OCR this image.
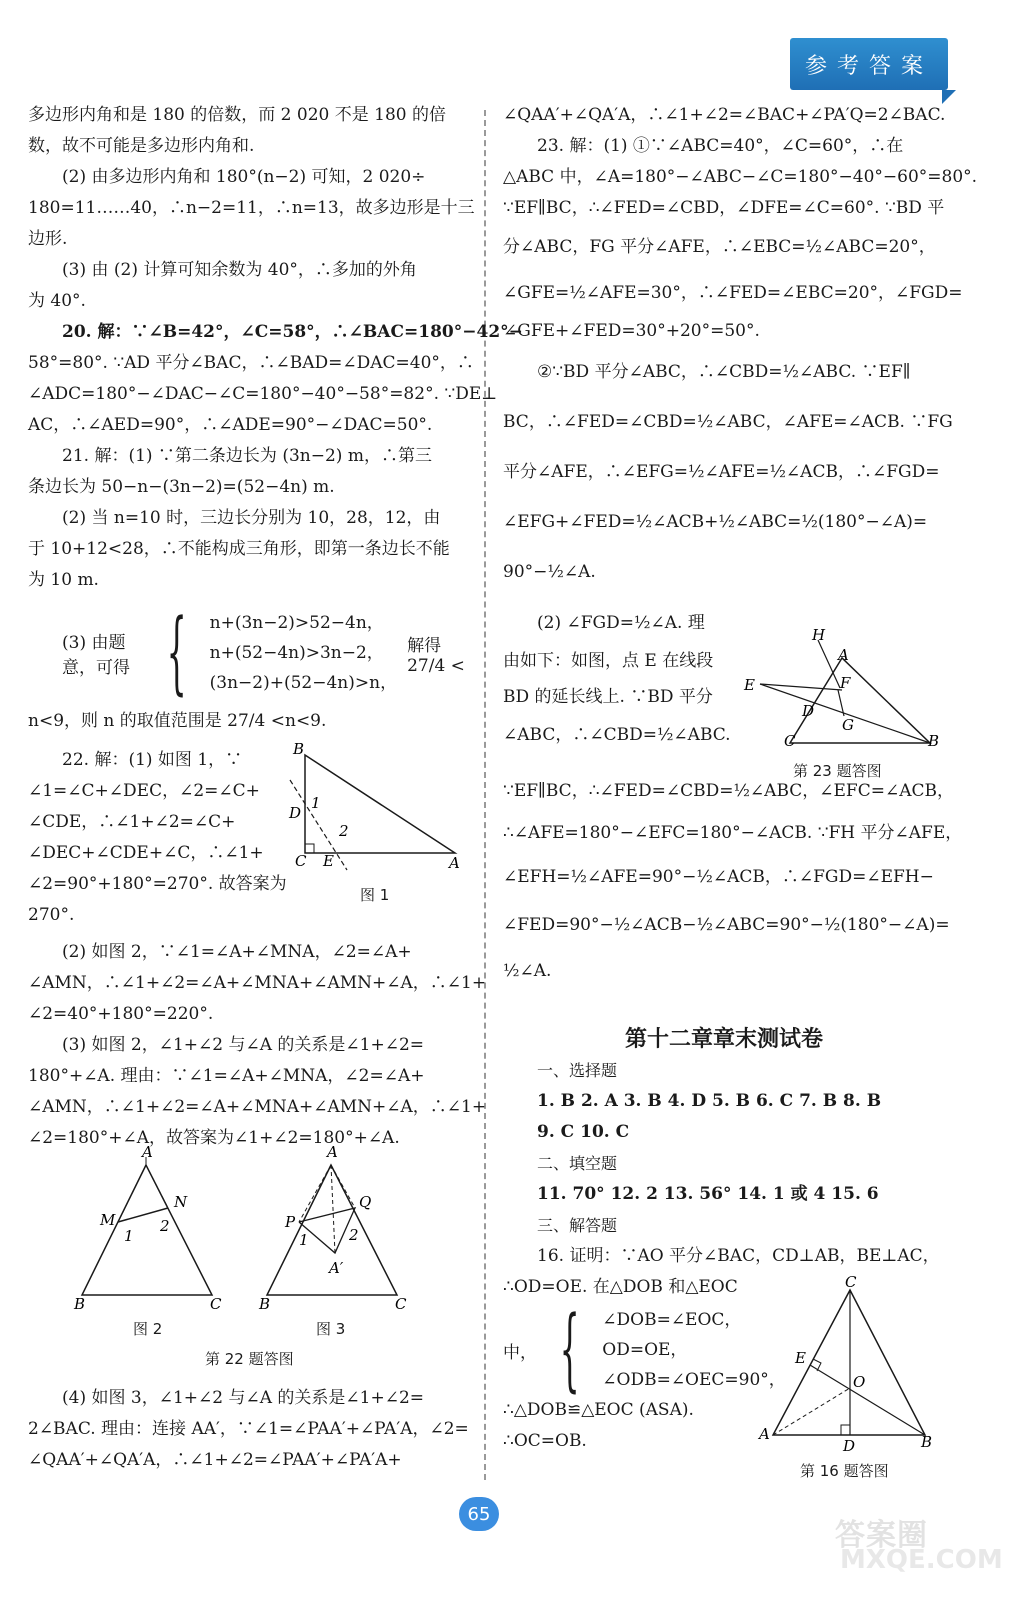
参考答案

多边形内角和是 180 的倍数，而 2 020 不是 180 的倍

数，故不可能是多边形内角和.

(2) 由多边形内角和 180°(n−2) 可知，2 020÷

180=11……40，∴n−2=11，∴n=13，故多边形是十三

边形.

(3) 由 (2) 计算可知余数为 40°，∴多加的外角

为 40°.

20. 解：∵∠B=42°，∠C=58°，∴∠BAC=180°−42°−

58°=80°. ∵AD 平分∠BAC，∴∠BAD=∠DAC=40°，∴

∠ADC=180°−∠DAC−∠C=180°−40°−58°=82°. ∵DE⊥

AC，∴∠AED=90°，∴∠ADE=90°−∠DAC=50°.

21. 解：(1) ∵第二条边长为 (3n−2) m，∴第三

条边长为 50−n−(3n−2)=(52−4n) m.

(2) 当 n=10 时，三边长分别为 10，28，12，由

于 10+12<28，∴不能构成三角形，即第一条边长不能

为 10 m.

(3) 由题意，可得 { n+(3n−2)>52−4n，

n+(52−4n)>3n−2，

(3n−2)+(52−4n)>n，

解得 27/4 <

n<9，则 n 的取值范围是 27/4 <n<9.

22. 解：(1) 如图 1，∵

∠1=∠C+∠DEC，∠2=∠C+

∠CDE，∴∠1+∠2=∠C+

∠DEC+∠CDE+∠C，∴∠1+

∠2=90°+180°=270°. 故答案为

270°.

(2) 如图 2，∵∠1=∠A+∠MNA，∠2=∠A+

∠AMN，∴∠1+∠2=∠A+∠MNA+∠AMN+∠A，∴∠1+

∠2=40°+180°=220°.

(3) 如图 2，∠1+∠2 与∠A 的关系是∠1+∠2=

180°+∠A. 理由：∵∠1=∠A+∠MNA，∠2=∠A+

∠AMN，∴∠1+∠2=∠A+∠MNA+∠AMN+∠A，∴∠1+

∠2=180°+∠A，故答案为∠1+∠2=180°+∠A.

B
D
1
2
C E	A
图 1
A
M
N
1
2
B	C
图 2
A
P
Q
1	2
A′
B	C
图 3
第 22 题答图

(4) 如图 3，∠1+∠2 与∠A 的关系是∠1+∠2=

2∠BAC. 理由：连接 AA′，∵∠1=∠PAA′+∠PA′A，∠2=

∠QAA′+∠QA′A，∴∠1+∠2=∠PAA′+∠PA′A+

∠QAA′+∠QA′A，∴∠1+∠2=∠BAC+∠PA′Q=2∠BAC.

23. 解：(1) ①∵∠ABC=40°，∠C=60°，∴在

△ABC 中，∠A=180°−∠ABC−∠C=180°−40°−60°=80°.

∵EF∥BC，∴∠FED=∠CBD，∠DFE=∠C=60°. ∵BD 平

分∠ABC，FG 平分∠AFE，∴∠EBC=½∠ABC=20°，

∠GFE=½∠AFE=30°，∴∠FED=∠EBC=20°，∠FGD=

∠GFE+∠FED=30°+20°=50°.

②∵BD 平分∠ABC，∴∠CBD=½∠ABC. ∵EF∥

BC，∴∠FED=∠CBD=½∠ABC，∠AFE=∠ACB. ∵FG

平分∠AFE，∴∠EFG=½∠AFE=½∠ACB，∴∠FGD=

∠EFG+∠FED=½∠ACB+½∠ABC=½(180°−∠A)=

90°−½∠A.

(2) ∠FGD=½∠A. 理

由如下：如图，点 E 在线段

BD 的延长线上. ∵BD 平分

∠ABC，∴∠CBD=½∠ABC.

∵EF∥BC，∴∠FED=∠CBD=½∠ABC，∠EFC=∠ACB，

∴∠AFE=180°−∠EFC=180°−∠ACB. ∵FH 平分∠AFE，

∠EFH=½∠AFE=90°−½∠ACB，∴∠FGD=∠EFH−

∠FED=90°−½∠ACB−½∠ABC=90°−½(180°−∠A)=

½∠A.

H
A
F
E
D
G
C	B
第 23 题答图
第十二章章末测试卷

一、选择题

1. B 2. A 3. B 4. D 5. B 6. C 7. B 8. B

9. C 10. C

二、填空题

11. 70° 12. 2 13. 56° 14. 1 或 4 15. 6

三、解答题

16. 证明：∵AO 平分∠BAC，CD⊥AB，BE⊥AC，

∴OD=OE. 在△DOB 和△EOC

中， { ∠DOB=∠EOC，

OD=OE，

∠ODB=∠OEC=90°，

∴△DOB≌△EOC (ASA).

∴OC=OB.

C
E
O
A
D	B
第 16 题答图
65
答案圈
MXQE.COM
